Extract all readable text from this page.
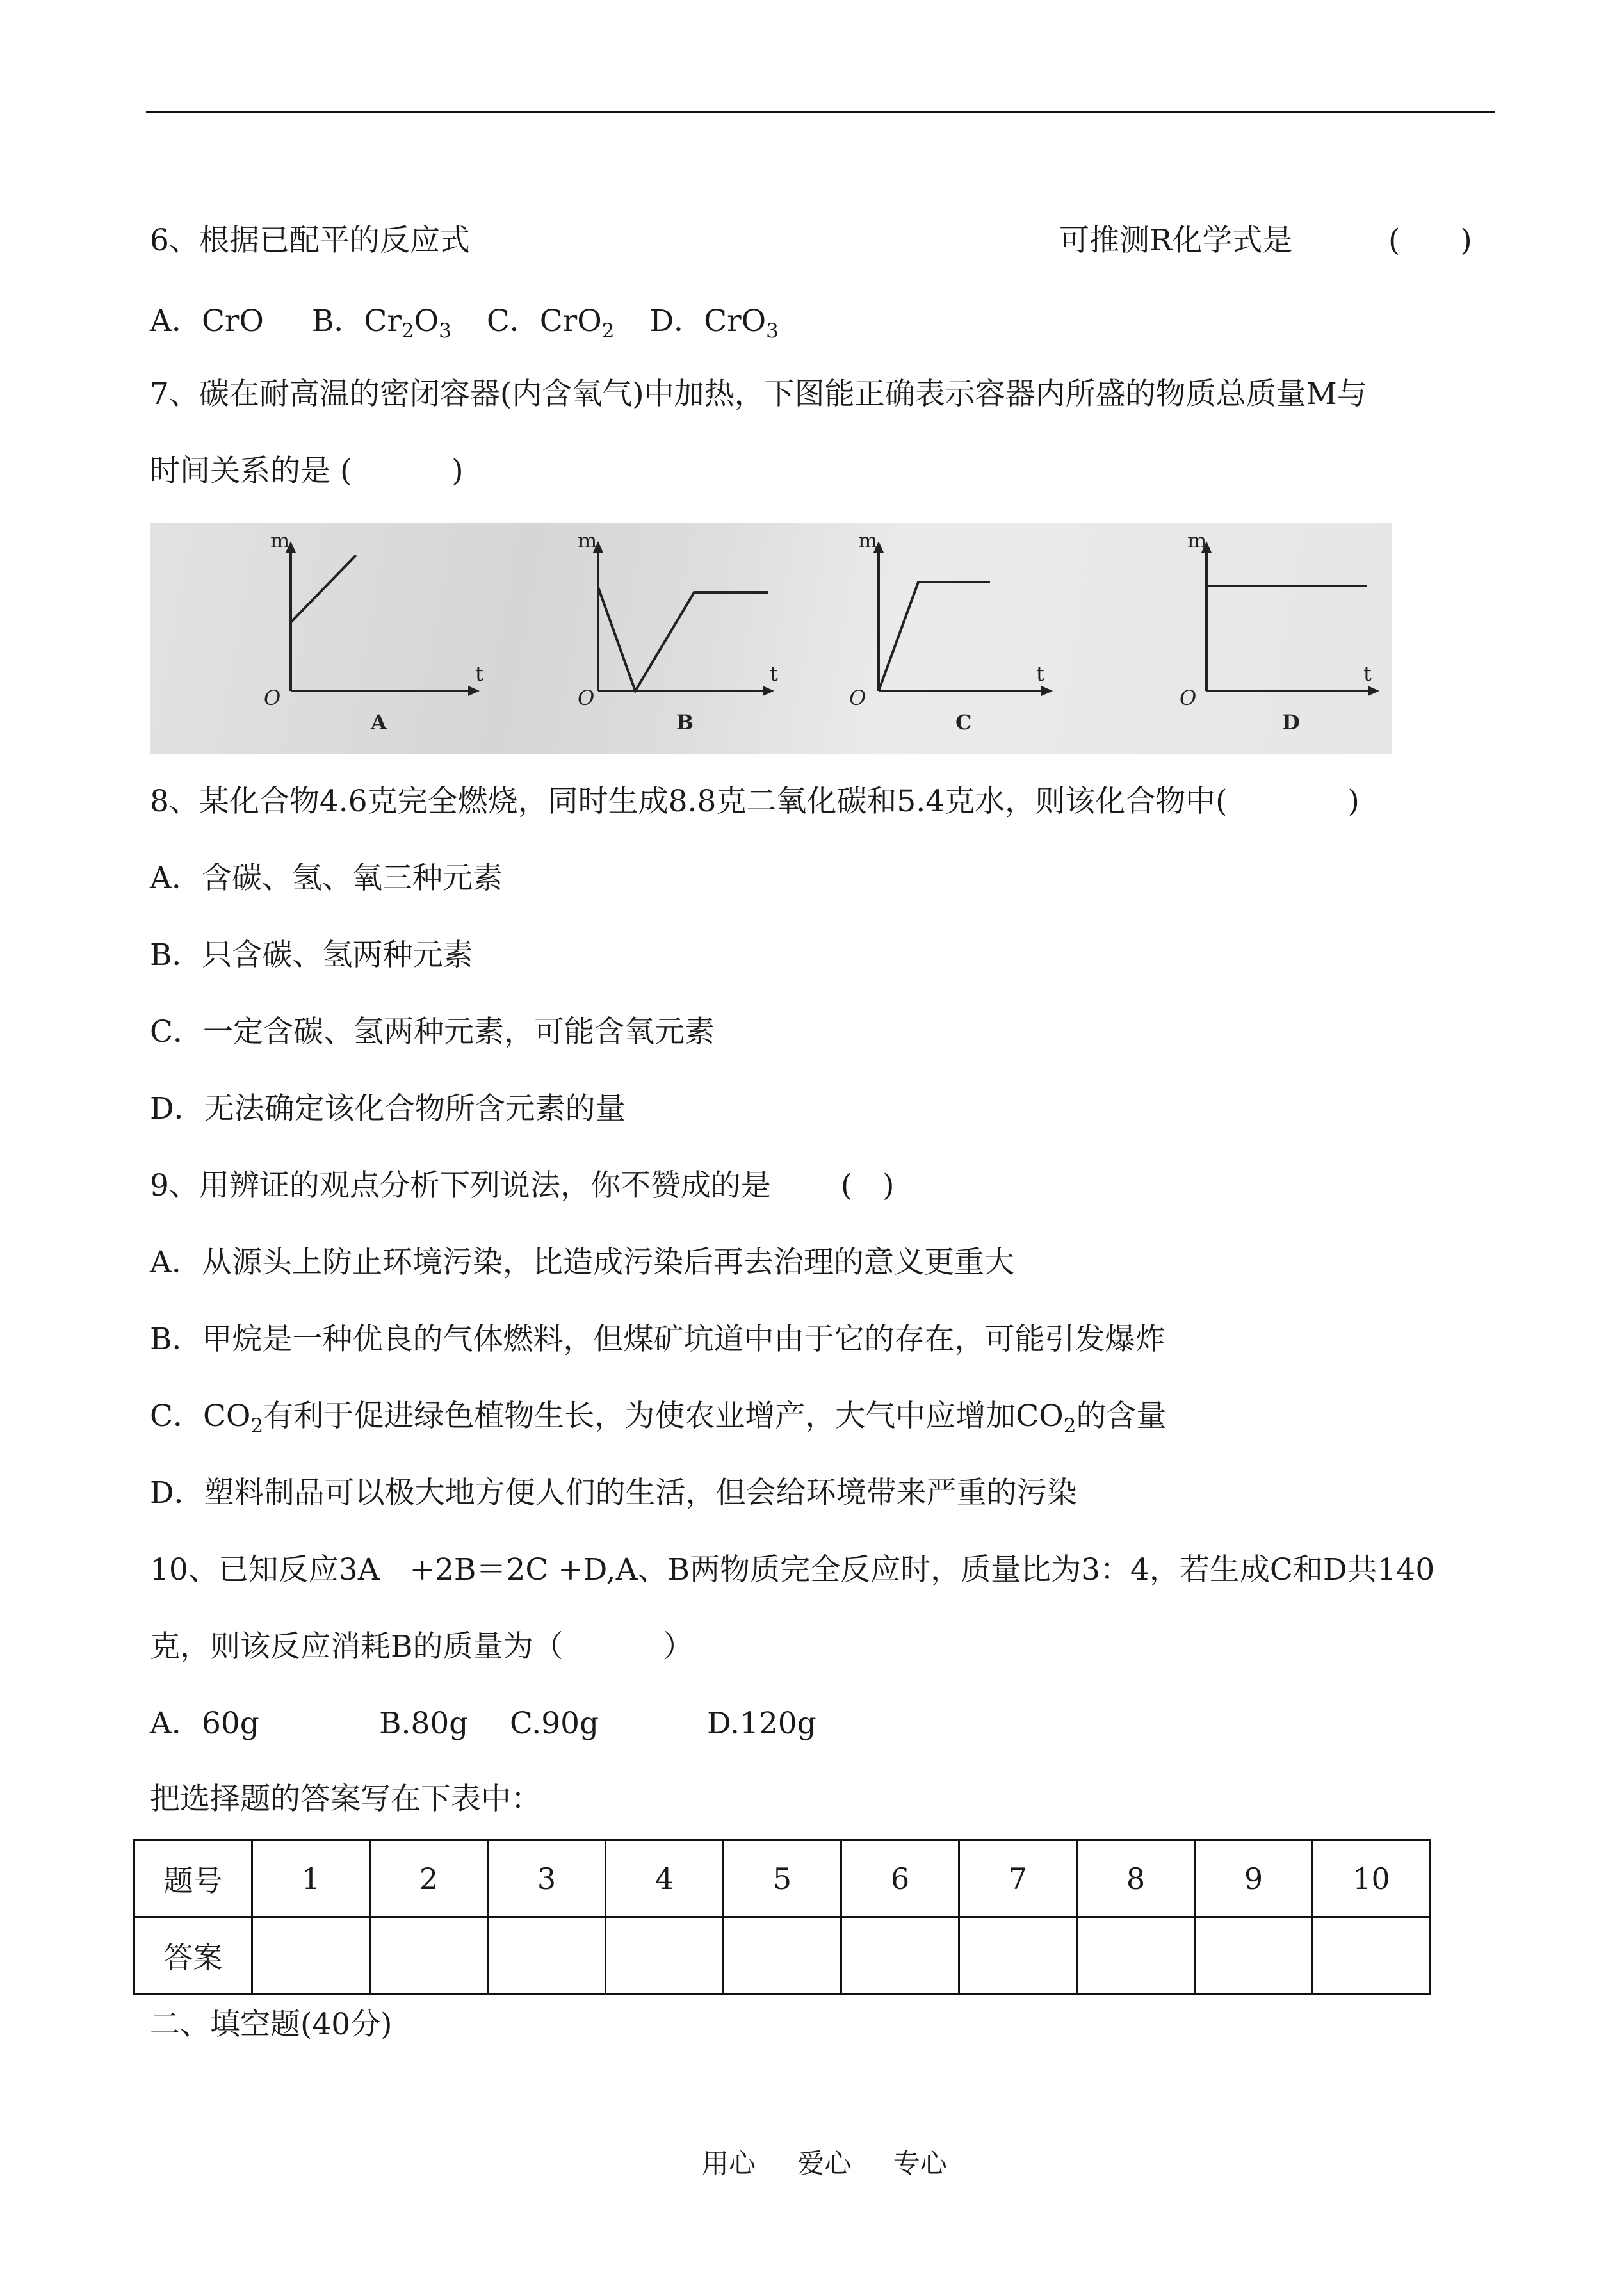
6、根据已配平的反应式	可推测R化学式是	(　　)
A．CrO B．$Cr_2O_3$ C．CrO$_2$ D．CrO$_3$
7、碳在耐高温的密闭容器(内含氧气)中加热，下图能正确表示容器内所盛的物质总质量M与
时间关系的是 (　　　 )
m
t
O
A
m
t
O
B
m
t
O
C
m
t
O
D
8、某化合物4.6克完全燃烧，同时生成8.8克二氧化碳和5.4克水，则该化合物中(　　　　)
A．含碳、氢、氧三种元素
B．只含碳、氢两种元素
C．一定含碳、氢两种元素，可能含氧元素
D．无法确定该化合物所含元素的量
9、用辨证的观点分析下列说法，你不赞成的是　　 (　)
A．从源头上防止环境污染，比造成污染后再去治理的意义更重大
B．甲烷是一种优良的气体燃料，但煤矿坑道中由于它的存在，可能引发爆炸
C．$CO_2$有利于促进绿色植物生长，为使农业增产，大气中应增加$CO_2$的含量
D．塑料制品可以极大地方便人们的生活，但会给环境带来严重的污染
10、已知反应3A　+2B＝2C +D,A、B两物质完全反应时，质量比为3：4，若生成C和D共140
克，则该反应消耗B的质量为（　　　 ）
A．60g	B.80g C.90g	D.120g
把选择题的答案写在下表中：
题号	1	2	3	4	5	6	7	8	9	10
答案										
二、填空题(40分)
用心 爱心 专心
